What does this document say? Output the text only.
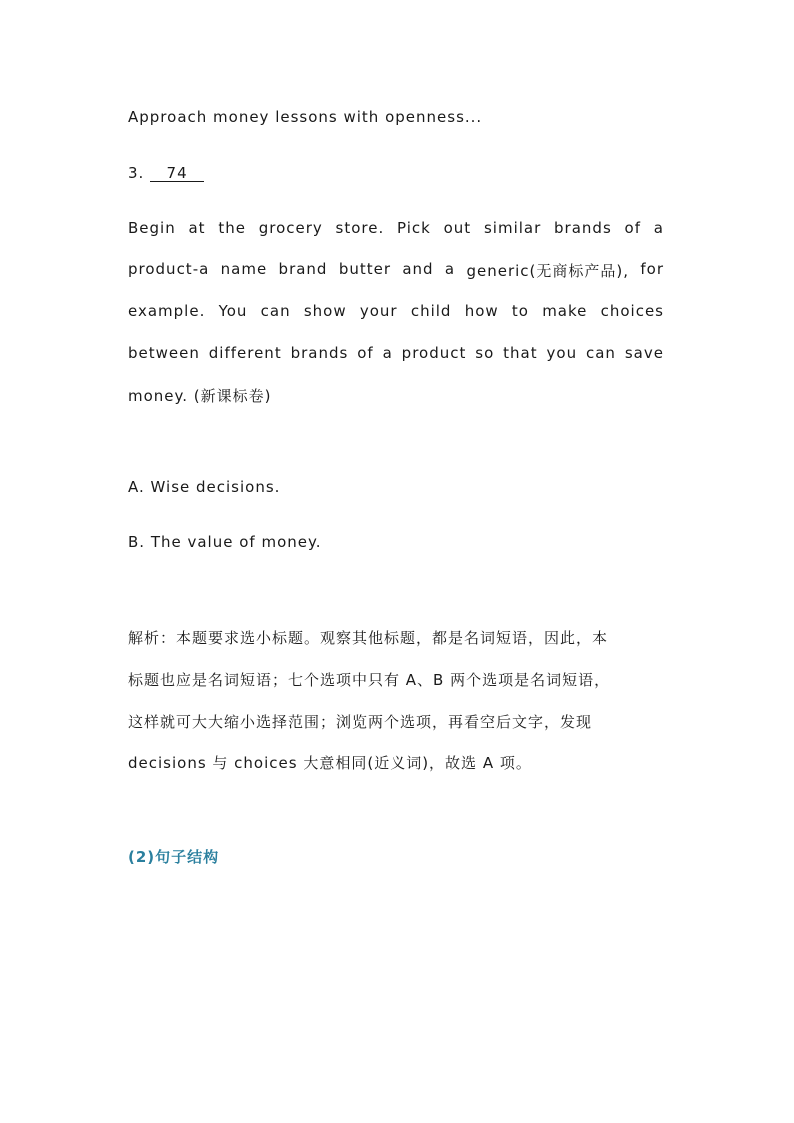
Approach money lessons with openness...
3. 74
Begin at the grocery store. Pick out similar brands of a
product-a name brand butter and a generic(无商标产品), for
example. You can show your child how to make choices
between different brands of a product so that you can save
money. (新课标卷)
A. Wise decisions.
B. The value of money.
解析：本题要求选小标题。观察其他标题，都是名词短语，因此，本
标题也应是名词短语；七个选项中只有 A、B 两个选项是名词短语，
这样就可大大缩小选择范围；浏览两个选项，再看空后文字，发现
decisions 与 choices 大意相同(近义词)，故选 A 项。
(2)句子结构
